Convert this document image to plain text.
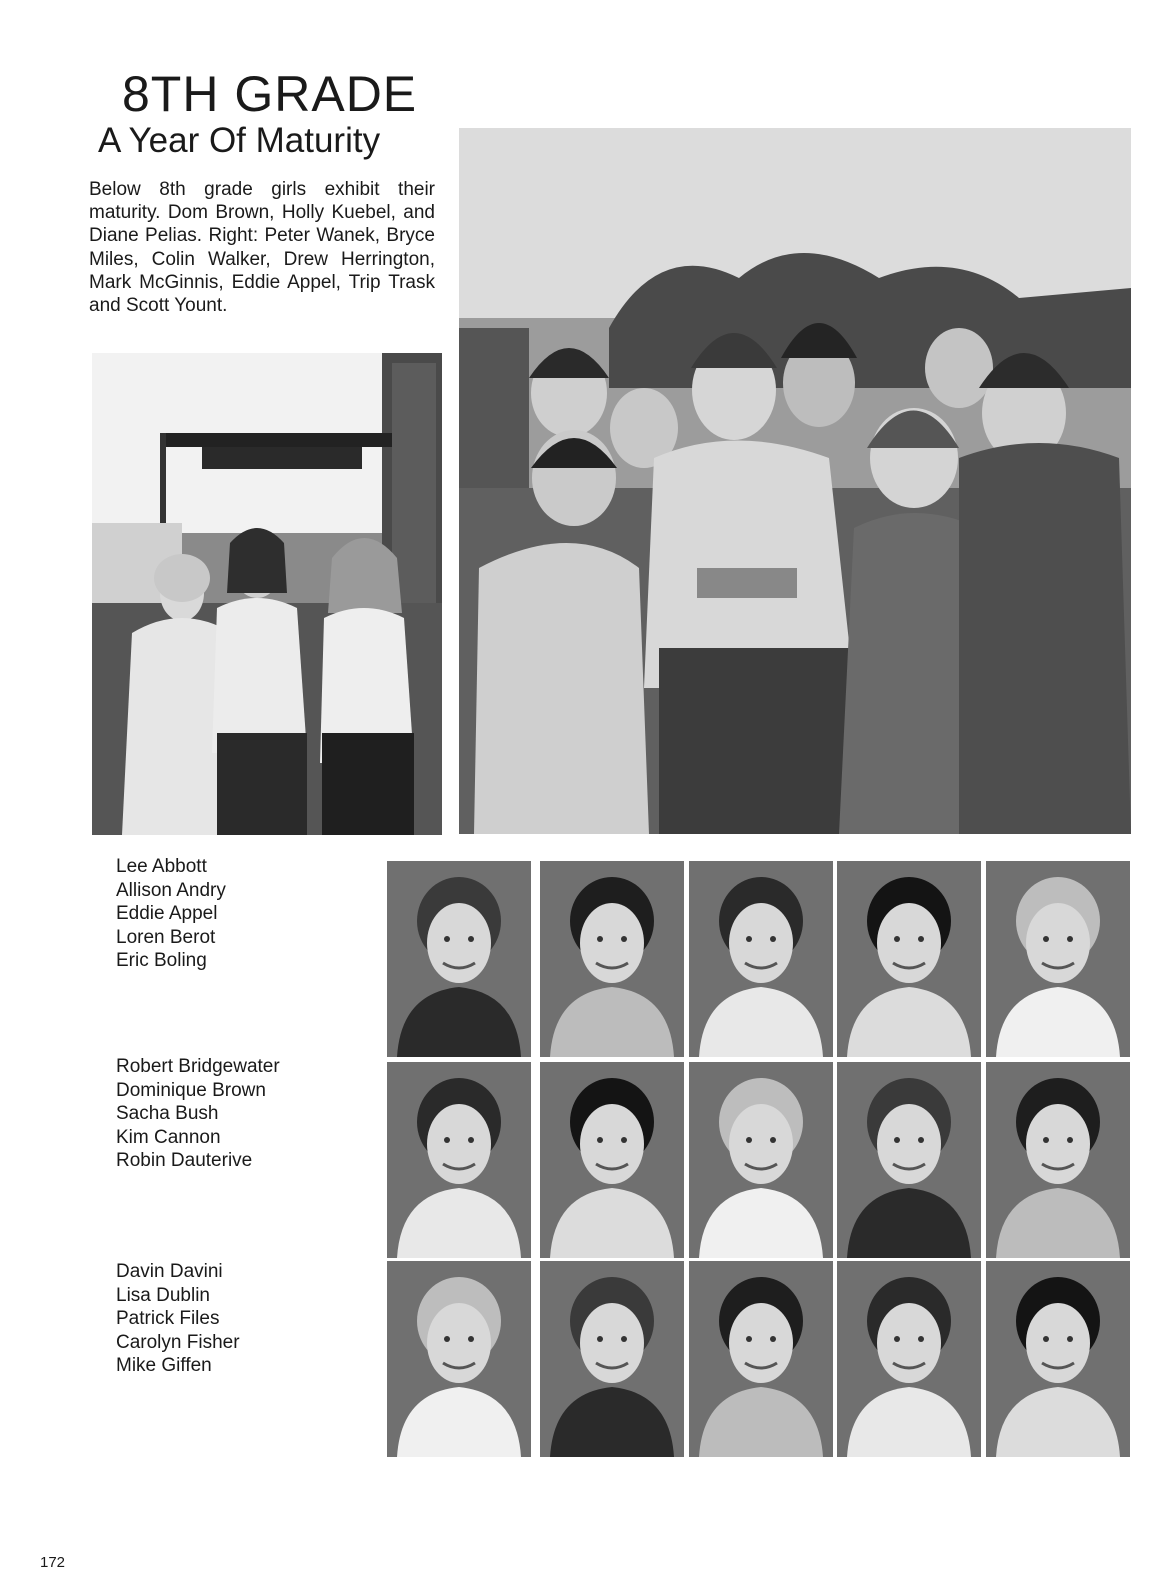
8TH GRADE
A Year Of Maturity

Below 8th grade girls exhibit their maturity. Dom Brown, Holly Kuebel, and Diane Pelias. Right: Peter Wanek, Bryce Miles, Colin Walker, Drew Herrington, Mark McGinnis, Eddie Appel, Trip Trask and Scott Yount.

Lee Abbott
Allison Andry
Eddie Appel
Loren Berot
Eric Boling
Robert Bridgewater
Dominique Brown
Sacha Bush
Kim Cannon
Robin Dauterive
Davin Davini
Lisa Dublin
Patrick Files
Carolyn Fisher
Mike Giffen
172
